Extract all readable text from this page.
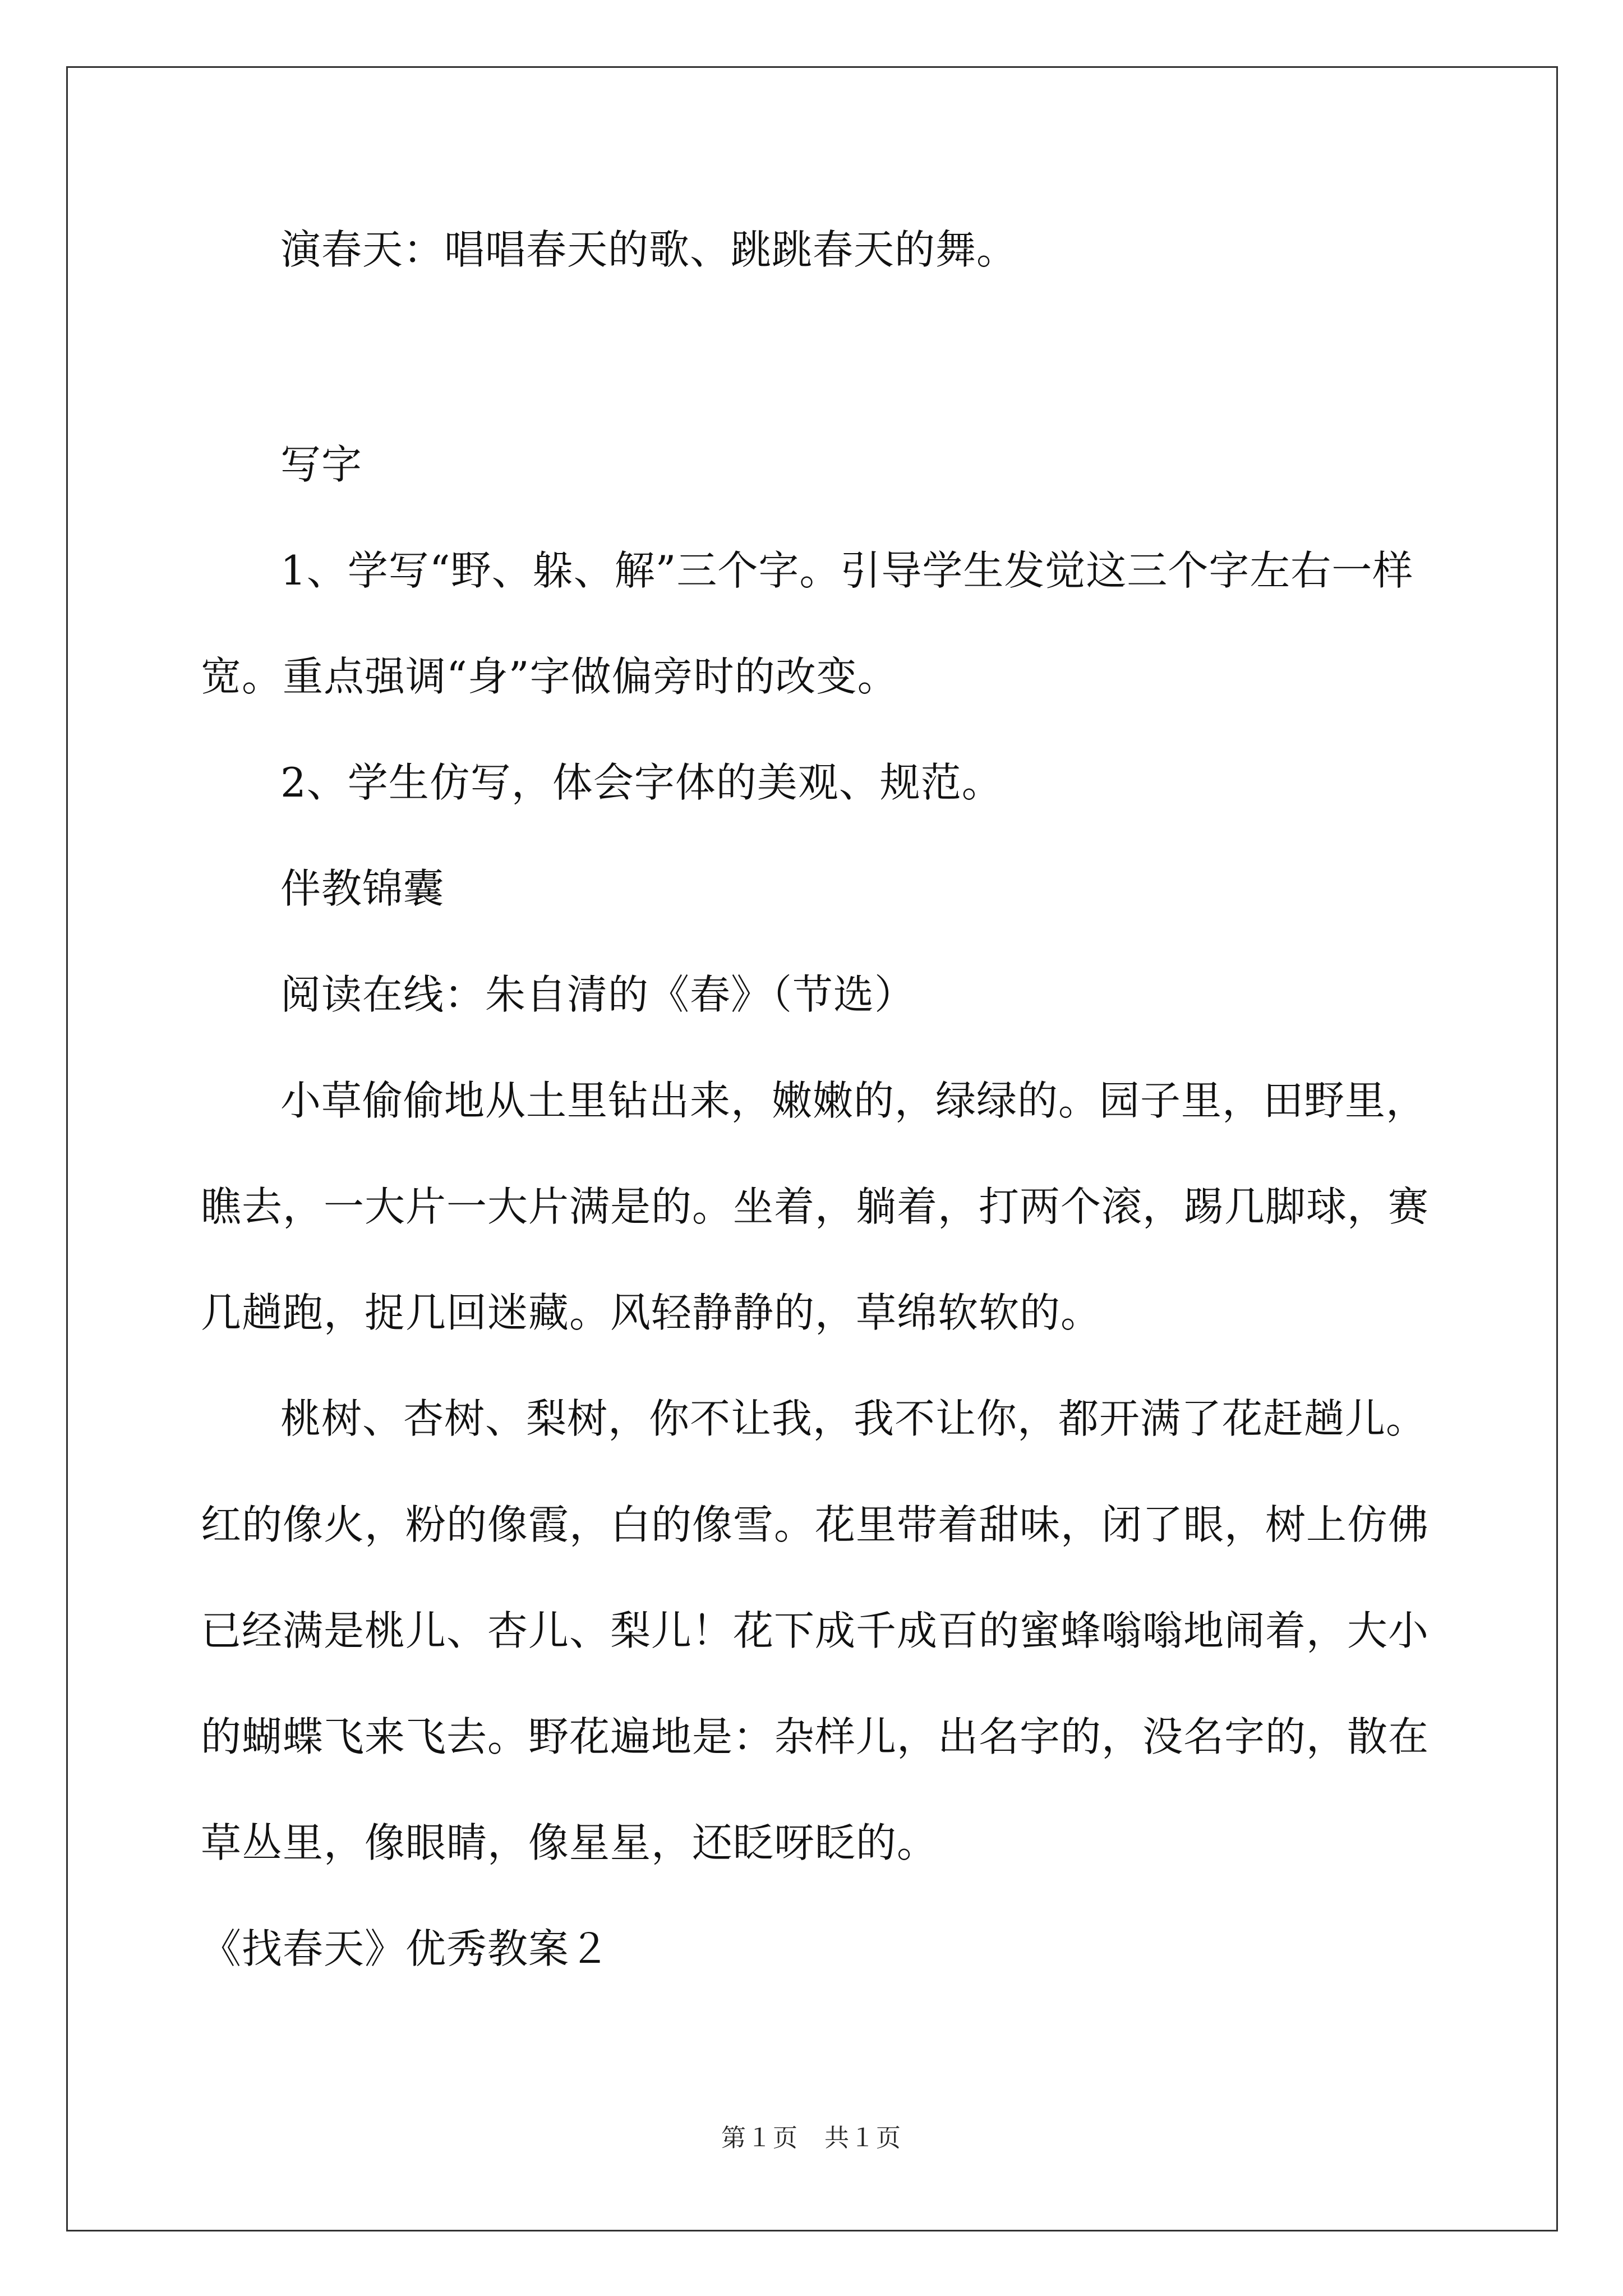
演春天：唱唱春天的歌、跳跳春天的舞。
写字
1、学写“野、躲、解”三个字。引导学生发觉这三个字左右一样
宽。重点强调“身”字做偏旁时的改变。
2、学生仿写，体会字体的美观、规范。
伴教锦囊
阅读在线：朱自清的《春》（节选）
小草偷偷地从土里钻出来，嫩嫩的，绿绿的。园子里，田野里，
瞧去，一大片一大片满是的。坐着，躺着，打两个滚，踢几脚球，赛
几趟跑，捉几回迷藏。风轻静静的，草绵软软的。
桃树、杏树、梨树，你不让我，我不让你，都开满了花赶趟儿。
红的像火，粉的像霞，白的像雪。花里带着甜味，闭了眼，树上仿佛
已经满是桃儿、杏儿、梨儿！花下成千成百的蜜蜂嗡嗡地闹着，大小
的蝴蝶飞来飞去。野花遍地是：杂样儿，出名字的，没名字的，散在
草丛里，像眼睛，像星星，还眨呀眨的。
《找春天》优秀教案２
第１页　共１页
